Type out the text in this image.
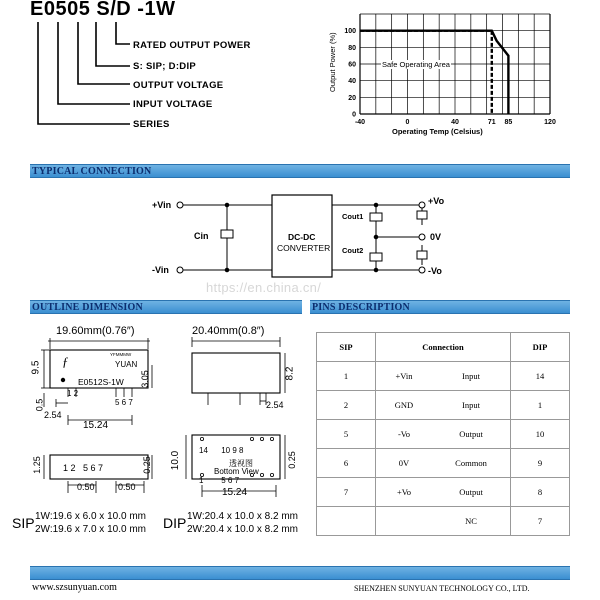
E0505 S/D -1W
RATED OUTPUT POWER
S: SIP; D:DIP
OUTPUT VOLTAGE
INPUT VOLTAGE
SERIES
Output Power (%)
0
20
40
60
80
100
-40	0	40	71 85	120
Safe Operating Area
Operating Temp (Celsius)
TYPICAL CONNECTION
+Vin
-Vin
Cin	DC-DC
CONVERTER
Cout1
Cout2
+Vo
0V
-Vo
https://en.china.cn/
OUTLINE DIMENSION	PINS DESCRIPTION
19.60mm(0.76″)
9.5
YFMMMW
YUAN
ƒ
E0512S-1W 3.05
1 2
5 6 7
0.5
2.54
15.24
1.25 1 2   5 6 7	0.25
0.50	0.50
20.40mm(0.8″)
8.2
2.54
14      10 9 8
透视图
Bottom View
1        5 6 7
10.0	0.25
15.24
SIP 1W:19.6 x 6.0 x 10.0 mm
2W:19.6 x 7.0 x 10.0 mm DIP 1W:20.4 x 10.0 x 8.2 mm
2W:20.4 x 10.0 x 8.2 mm
SIP	Connection		DIP
1	+Vin	Input	14
2	GND	Input	1
5	-Vo	Output	10
6	0V	Common	9
7	+Vo	Output	8
		NC	7
www.szsunyuan.com	SHENZHEN SUNYUAN TECHNOLOGY CO., LTD.
